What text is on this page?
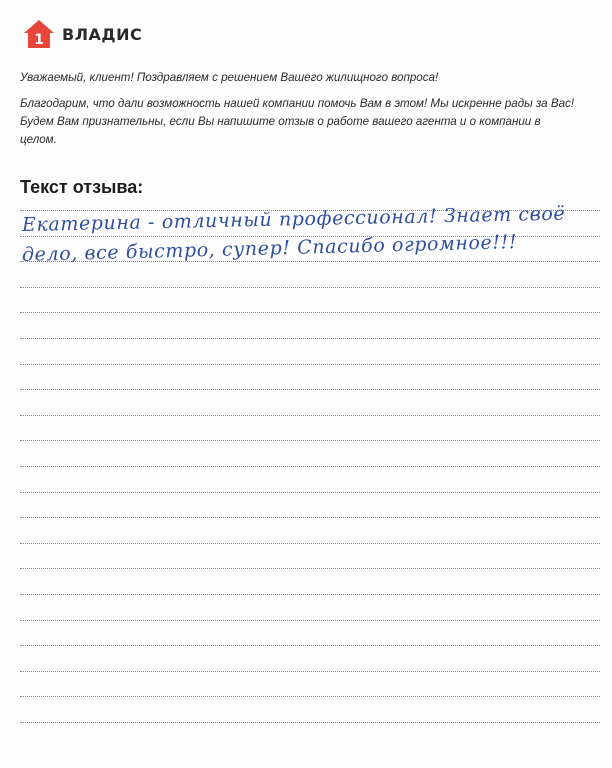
1 ВЛАДИС
Уважаемый, клиент! Поздравляем с решением Вашего жилищного вопроса!
Благодарим, что дали возможность нашей компании помочь Вам в этом! Мы искренне рады за Вас! Будем Вам признательны, если Вы напишите отзыв о работе вашего агента и о компании в целом.
Текст отзыва:
Екатерина - отличный профессионал! Знает своё
дело, все быстро, супер! Спасибо огромное!!!
